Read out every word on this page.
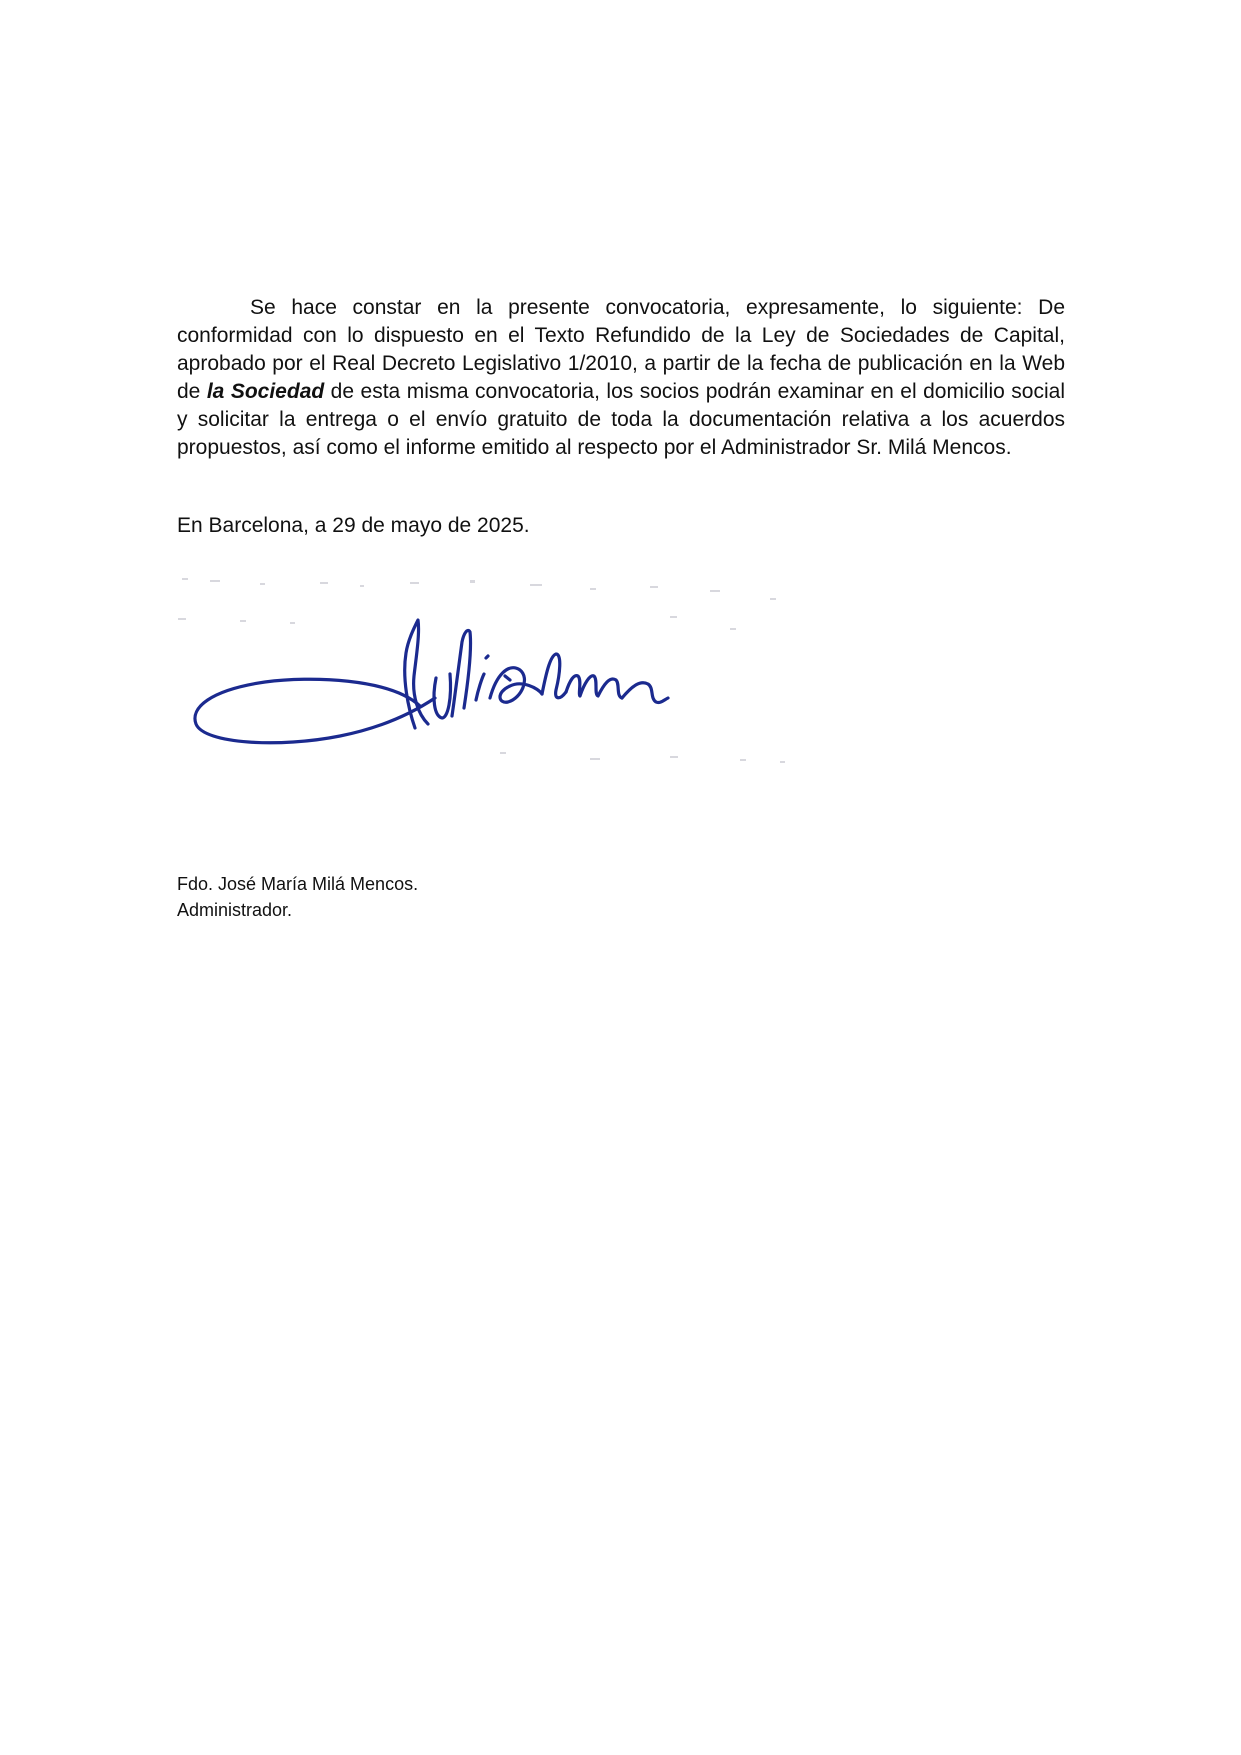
Se hace constar en la presente convocatoria, expresamente, lo siguiente: De conformidad con lo dispuesto en el Texto Refundido de la Ley de Sociedades de Capital, aprobado por el Real Decreto Legislativo 1/2010, a partir de la fecha de publicación en la Web de la Sociedad de esta misma convocatoria, los socios podrán examinar en el domicilio social y solicitar la entrega o el envío gratuito de toda la documentación relativa a los acuerdos propuestos, así como el informe emitido al respecto por el Administrador Sr. Milá Mencos.

En Barcelona, a 29 de mayo de 2025.

Fdo. José María Milá Mencos.

Administrador.
